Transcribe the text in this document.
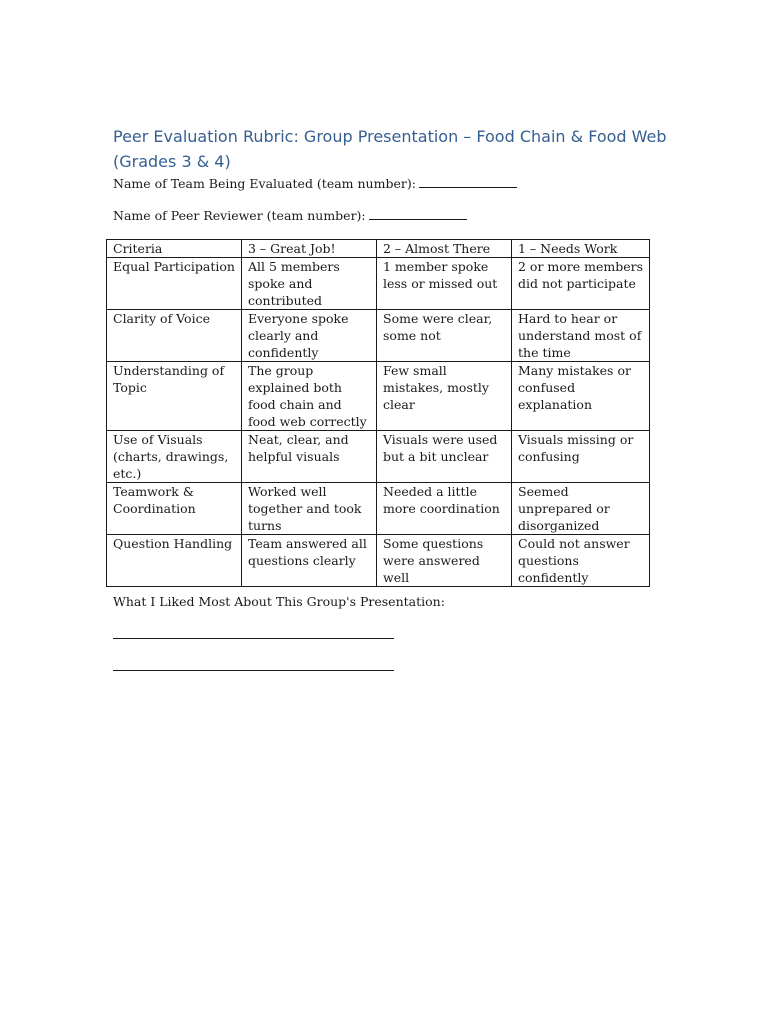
Peer Evaluation Rubric: Group Presentation – Food Chain & Food Web (Grades 3 & 4)
Name of Team Being Evaluated (team number):
Name of Peer Reviewer (team number):
Criteria	3 – Great Job!	2 – Almost There	1 – Needs Work
Equal Participation	All 5 members spoke and contributed	1 member spoke less or missed out	2 or more members did not participate
Clarity of Voice	Everyone spoke clearly and confidently	Some were clear, some not	Hard to hear or understand most of the time
Understanding of Topic	The group explained both food chain and food web correctly	Few small mistakes, mostly clear	Many mistakes or confused explanation
Use of Visuals (charts, drawings, etc.)	Neat, clear, and helpful visuals	Visuals were used but a bit unclear	Visuals missing or confusing
Teamwork & Coordination	Worked well together and took turns	Needed a little more coordination	Seemed unprepared or disorganized
Question Handling	Team answered all questions clearly	Some questions were answered well	Could not answer questions confidently
What I Liked Most About This Group's Presentation:
